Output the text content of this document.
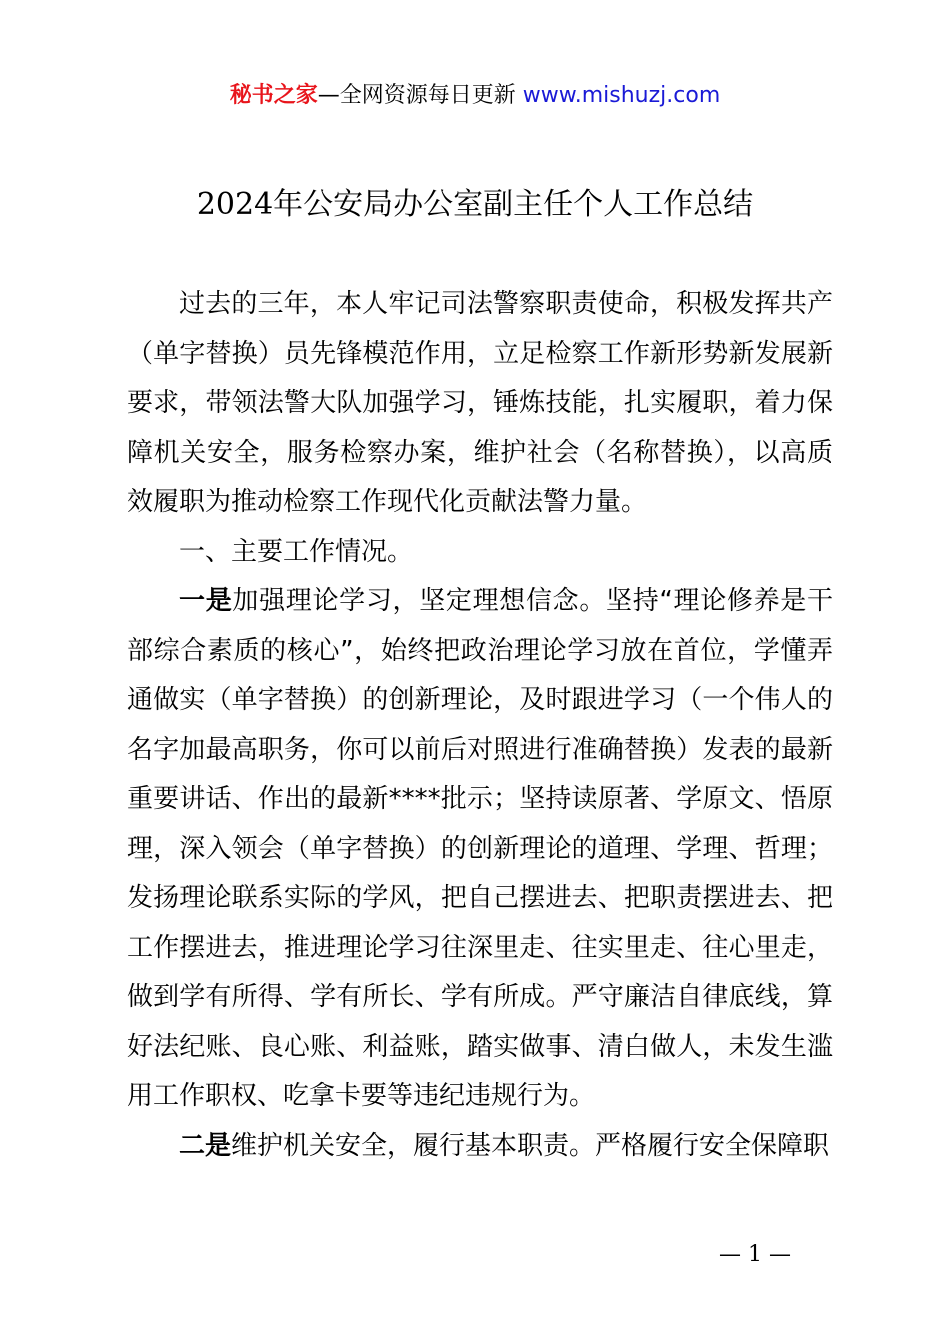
秘书之家—全网资源每日更新 www.mishuzj.com
2024年公安局办公室副主任个人工作总结

过去的三年，本人牢记司法警察职责使命，积极发挥共产（单字替换）员先锋模范作用，立足检察工作新形势新发展新要求，带领法警大队加强学习，锤炼技能，扎实履职，着力保障机关安全，服务检察办案，维护社会（名称替换），以高质效履职为推动检察工作现代化贡献法警力量。

一、主要工作情况。

一是加强理论学习，坚定理想信念。坚持“理论修养是干部综合素质的核心”，始终把政治理论学习放在首位，学懂弄通做实（单字替换）的创新理论，及时跟进学习（一个伟人的名字加最高职务，你可以前后对照进行准确替换）发表的最新重要讲话、作出的最新****批示；坚持读原著、学原文、悟原理，深入领会（单字替换）的创新理论的道理、学理、哲理；发扬理论联系实际的学风，把自己摆进去、把职责摆进去、把工作摆进去，推进理论学习往深里走、往实里走、往心里走，做到学有所得、学有所长、学有所成。严守廉洁自律底线，算好法纪账、良心账、利益账，踏实做事、清白做人，未发生滥用工作职权、吃拿卡要等违纪违规行为。

二是维护机关安全，履行基本职责。严格履行安全保障职

— 1 —
